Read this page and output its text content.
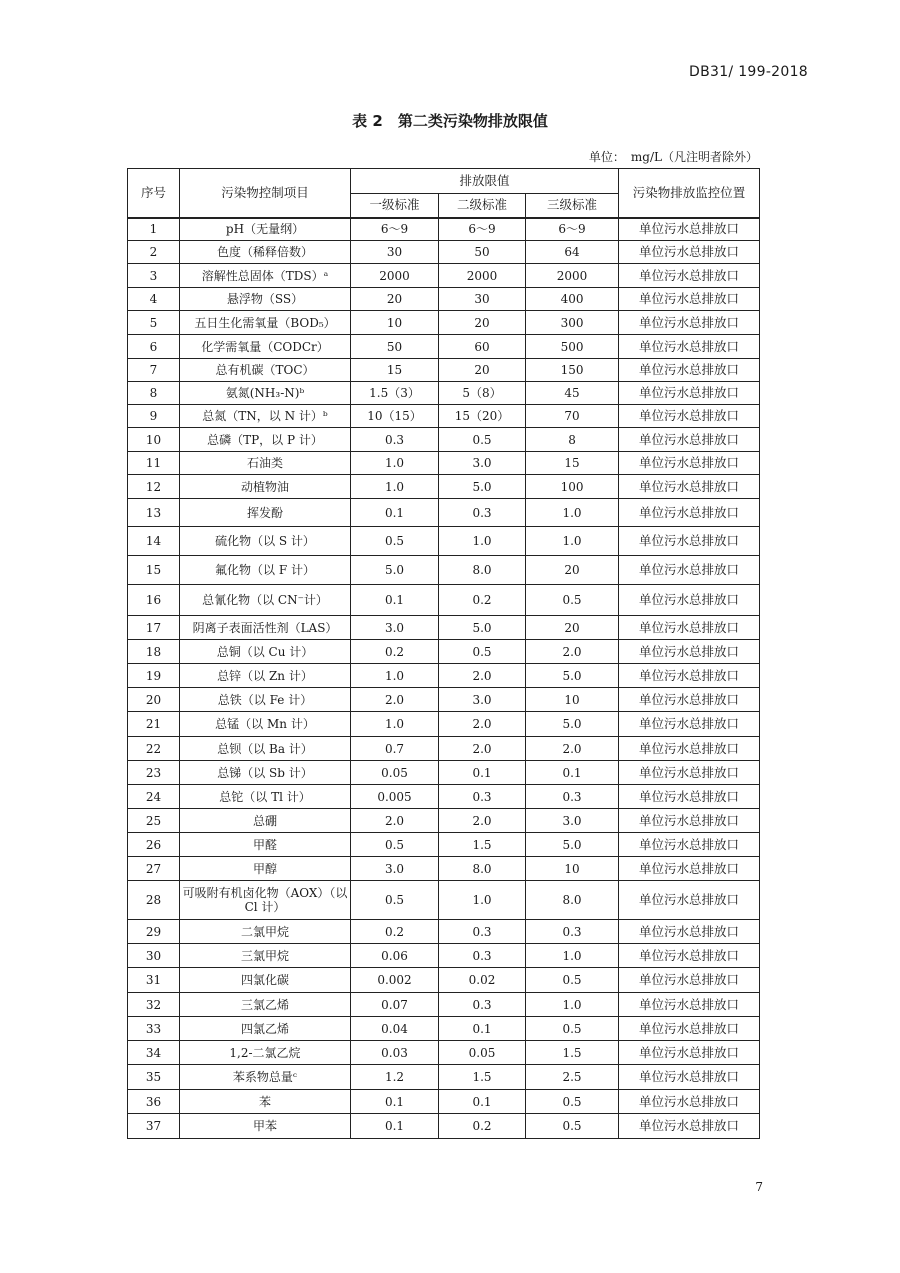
DB31/ 199-2018
表 2　第二类污染物排放限值
单位：　mg/L（凡注明者除外）
序号	污染物控制项目	排放限值			污染物排放监控位置
		一级标准	二级标准	三级标准	
1	pH（无量纲）	6～9	6～9	6～9	单位污水总排放口
2	色度（稀释倍数）	30	50	64	单位污水总排放口
3	溶解性总固体（TDS）ᵃ	2000	2000	2000	单位污水总排放口
4	悬浮物（SS）	20	30	400	单位污水总排放口
5	五日生化需氧量（BOD₅）	10	20	300	单位污水总排放口
6	化学需氧量（CODCr）	50	60	500	单位污水总排放口
7	总有机碳（TOC）	15	20	150	单位污水总排放口
8	氨氮(NH₃-N)ᵇ	1.5（3）	5（8）	45	单位污水总排放口
9	总氮（TN，以 N 计）ᵇ	10（15）	15（20）	70	单位污水总排放口
10	总磷（TP，以 P 计）	0.3	0.5	8	单位污水总排放口
11	石油类	1.0	3.0	15	单位污水总排放口
12	动植物油	1.0	5.0	100	单位污水总排放口
13	挥发酚	0.1	0.3	1.0	单位污水总排放口
14	硫化物（以 S 计）	0.5	1.0	1.0	单位污水总排放口
15	氟化物（以 F 计）	5.0	8.0	20	单位污水总排放口
16	总氰化物（以 CN⁻计）	0.1	0.2	0.5	单位污水总排放口
17	阴离子表面活性剂（LAS）	3.0	5.0	20	单位污水总排放口
18	总铜（以 Cu 计）	0.2	0.5	2.0	单位污水总排放口
19	总锌（以 Zn 计）	1.0	2.0	5.0	单位污水总排放口
20	总铁（以 Fe 计）	2.0	3.0	10	单位污水总排放口
21	总锰（以 Mn 计）	1.0	2.0	5.0	单位污水总排放口
22	总钡（以 Ba 计）	0.7	2.0	2.0	单位污水总排放口
23	总锑（以 Sb 计）	0.05	0.1	0.1	单位污水总排放口
24	总铊（以 Tl 计）	0.005	0.3	0.3	单位污水总排放口
25	总硼	2.0	2.0	3.0	单位污水总排放口
26	甲醛	0.5	1.5	5.0	单位污水总排放口
27	甲醇	3.0	8.0	10	单位污水总排放口
28	可吸附有机卤化物（AOX）（以 Cl 计）	0.5	1.0	8.0	单位污水总排放口
29	二氯甲烷	0.2	0.3	0.3	单位污水总排放口
30	三氯甲烷	0.06	0.3	1.0	单位污水总排放口
31	四氯化碳	0.002	0.02	0.5	单位污水总排放口
32	三氯乙烯	0.07	0.3	1.0	单位污水总排放口
33	四氯乙烯	0.04	0.1	0.5	单位污水总排放口
34	1,2-二氯乙烷	0.03	0.05	1.5	单位污水总排放口
35	苯系物总量ᶜ	1.2	1.5	2.5	单位污水总排放口
36	苯	0.1	0.1	0.5	单位污水总排放口
37	甲苯	0.1	0.2	0.5	单位污水总排放口
7
